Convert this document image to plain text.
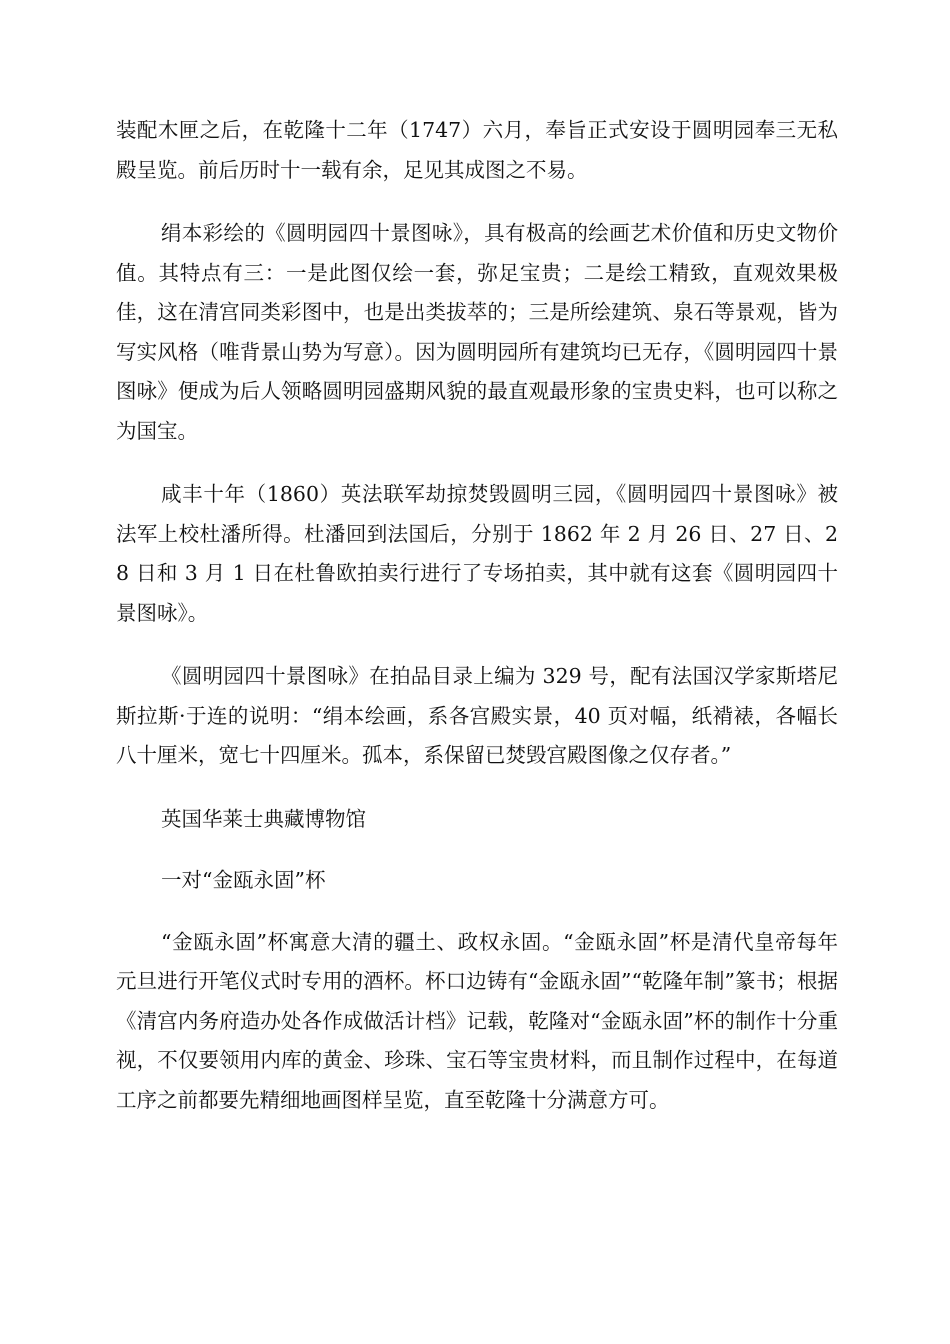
装配木匣之后，在乾隆十二年（1747）六月，奉旨正式安设于圆明园奉三无私殿呈览。前后历时十一载有余，足见其成图之不易。

绢本彩绘的《圆明园四十景图咏》，具有极高的绘画艺术价值和历史文物价值。其特点有三：一是此图仅绘一套，弥足宝贵；二是绘工精致，直观效果极佳，这在清宫同类彩图中，也是出类拔萃的；三是所绘建筑、泉石等景观，皆为写实风格（唯背景山势为写意）。因为圆明园所有建筑均已无存，《圆明园四十景图咏》便成为后人领略圆明园盛期风貌的最直观最形象的宝贵史料，也可以称之为国宝。

咸丰十年（1860）英法联军劫掠焚毁圆明三园，《圆明园四十景图咏》被法军上校杜潘所得。杜潘回到法国后，分别于 1862 年 2 月 26 日、27 日、28 日和 3 月 1 日在杜鲁欧拍卖行进行了专场拍卖，其中就有这套《圆明园四十景图咏》。

《圆明园四十景图咏》在拍品目录上编为 329 号，配有法国汉学家斯塔尼斯拉斯·于连的说明：“绢本绘画，系各宫殿实景，40 页对幅，纸褙裱，各幅长八十厘米，宽七十四厘米。孤本，系保留已焚毁宫殿图像之仅存者。”

英国华莱士典藏博物馆

一对“金瓯永固”杯

“金瓯永固”杯寓意大清的疆土、政权永固。“金瓯永固”杯是清代皇帝每年元旦进行开笔仪式时专用的酒杯。杯口边铸有“金瓯永固”“乾隆年制”篆书；根据《清宫内务府造办处各作成做活计档》记载，乾隆对“金瓯永固”杯的制作十分重视，不仅要领用内库的黄金、珍珠、宝石等宝贵材料，而且制作过程中，在每道工序之前都要先精细地画图样呈览，直至乾隆十分满意方可。
